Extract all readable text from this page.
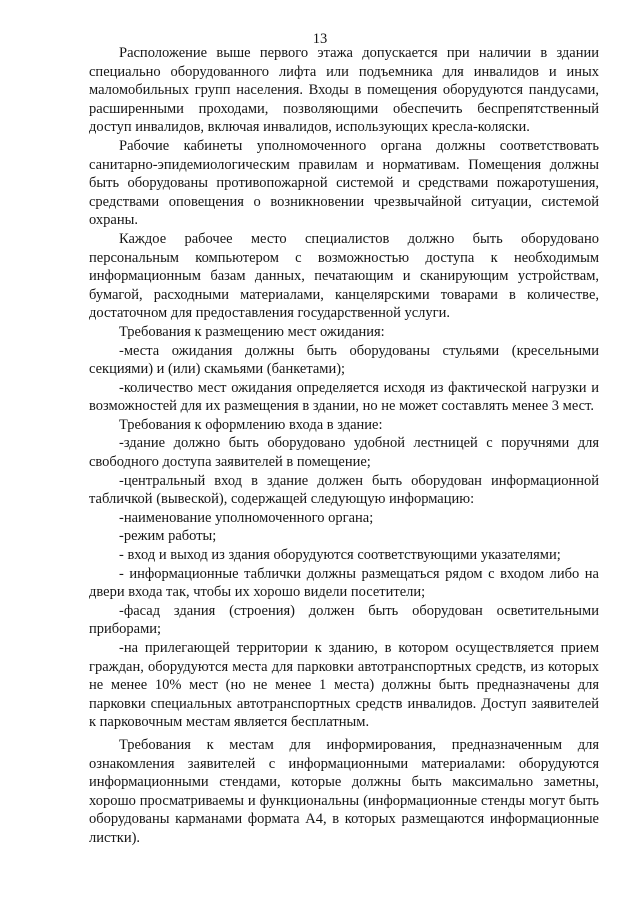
13

Расположение выше первого этажа допускается при наличии в здании специально оборудованного лифта или подъемника для инвалидов и иных маломобильных групп населения. Входы в помещения оборудуются пандусами, расширенными проходами, позволяющими обеспечить беспрепятственный доступ инвалидов, включая инвалидов, использующих кресла-коляски.

Рабочие кабинеты уполномоченного органа должны соответствовать санитарно-эпидемиологическим правилам и нормативам. Помещения должны быть оборудованы противопожарной системой и средствами пожаротушения, средствами оповещения о возникновении чрезвычайной ситуации, системой охраны.

Каждое рабочее место специалистов должно быть оборудовано персональным компьютером с возможностью доступа к необходимым информационным базам данных, печатающим и сканирующим устройствам, бумагой, расходными материалами, канцелярскими товарами в количестве, достаточном для предоставления государственной услуги.

Требования к размещению мест ожидания:

-места ожидания должны быть оборудованы стульями (кресельными секциями) и (или) скамьями (банкетами);

-количество мест ожидания определяется исходя из фактической нагрузки и возможностей для их размещения в здании, но не может составлять менее 3 мест.

Требования к оформлению входа в здание:

-здание должно быть оборудовано удобной лестницей с поручнями для свободного доступа заявителей в помещение;

-центральный вход в здание должен быть оборудован информационной табличкой (вывеской), содержащей следующую информацию:

-наименование уполномоченного органа;

-режим работы;

- вход и выход из здания оборудуются соответствующими указателями;

- информационные таблички должны размещаться рядом с входом либо на двери входа так, чтобы их хорошо видели посетители;

-фасад здания (строения) должен быть оборудован осветительными приборами;

-на прилегающей территории к зданию, в котором осуществляется прием граждан, оборудуются места для парковки автотранспортных средств, из которых не менее 10% мест (но не менее 1 места) должны быть предназначены для парковки специальных автотранспортных средств инвалидов. Доступ заявителей к парковочным местам является бесплатным.

Требования к местам для информирования, предназначенным для ознакомления заявителей с информационными материалами: оборудуются информационными стендами, которые должны быть максимально заметны, хорошо просматриваемы и функциональны (информационные стенды могут быть оборудованы карманами формата А4, в которых размещаются информационные листки).
